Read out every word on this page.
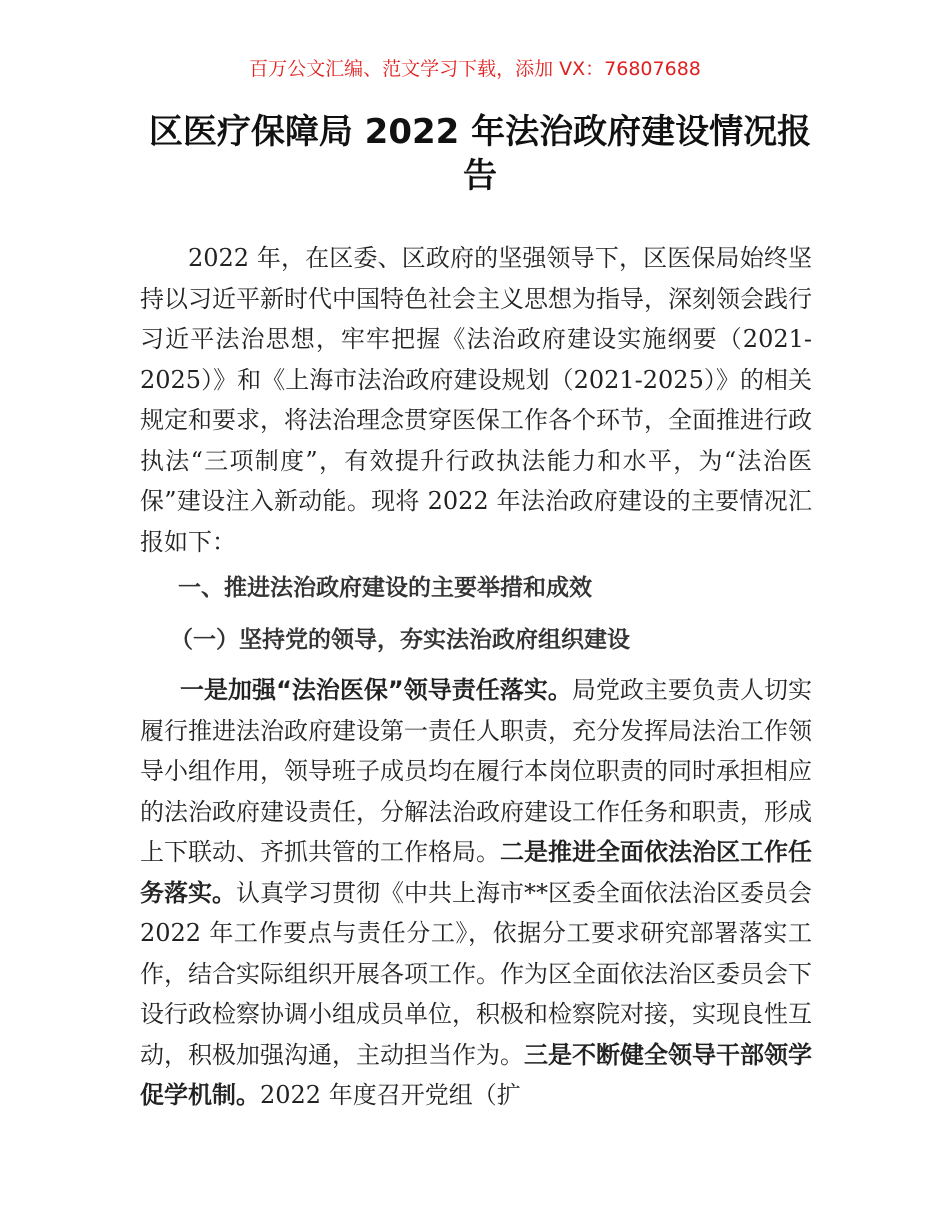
百万公文汇编、范文学习下载，添加 VX：76807688
区医疗保障局 2022 年法治政府建设情况报告

2022 年，在区委、区政府的坚强领导下，区医保局始终坚持以习近平新时代中国特色社会主义思想为指导，深刻领会践行习近平法治思想，牢牢把握《法治政府建设实施纲要（2021-2025）》和《上海市法治政府建设规划（2021-2025）》的相关规定和要求，将法治理念贯穿医保工作各个环节，全面推进行政执法“三项制度”，有效提升行政执法能力和水平，为“法治医保”建设注入新动能。现将 2022 年法治政府建设的主要情况汇报如下：

一、推进法治政府建设的主要举措和成效

（一）坚持党的领导，夯实法治政府组织建设

一是加强“法治医保”领导责任落实。局党政主要负责人切实履行推进法治政府建设第一责任人职责，充分发挥局法治工作领导小组作用，领导班子成员均在履行本岗位职责的同时承担相应的法治政府建设责任，分解法治政府建设工作任务和职责，形成上下联动、齐抓共管的工作格局。二是推进全面依法治区工作任务落实。认真学习贯彻《中共上海市**区委全面依法治区委员会 2022 年工作要点与责任分工》，依据分工要求研究部署落实工作，结合实际组织开展各项工作。作为区全面依法治区委员会下设行政检察协调小组成员单位，积极和检察院对接，实现良性互动，积极加强沟通，主动担当作为。三是不断健全领导干部领学促学机制。2022 年度召开党组（扩
